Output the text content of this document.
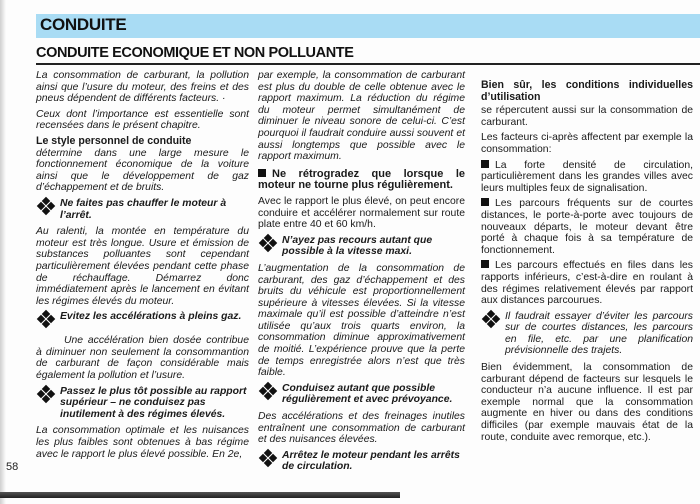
CONDUITE
CONDUITE ECONOMIQUE ET NON POLLUANTE

La consommation de carburant, la pollution ainsi que l’usure du moteur, des freins et des pneus dépendent de différents facteurs. ·

Ceux dont l’importance est essentielle sont recensées dans le présent chapitre.

Le style personnel de conduite

détermine dans une large mesure le fonctionnement économique de la voiture ainsi que le développement de gaz d’échappement et de bruits.

Ne faites pas chauffer le moteur à l’arrêt.

Au ralenti, la montée en température du moteur est très longue. Usure et émission de substances polluantes sont cependant particulièrement élevées pendant cette phase de réchauffage. Démarrez donc immédiatement après le lancement en évitant les régimes élevés du moteur.

Evitez les accélérations à pleins gaz.

Une accélération bien dosée contribue à diminuer non seulement la consommantion de carburant de façon considérable mais également la pollution et l’usure.

Passez le plus tôt possible au rapport supérieur – ne conduisez pas inutilement à des régimes élevés.

La consommation optimale et les nuisances les plus faibles sont obtenues à bas régime avec le rapport le plus élevé possible. En 2e,

par exemple, la consommation de carburant est plus du double de celle obtenue avec le rapport maximum. La réduction du régime du moteur permet simultanément de diminuer le niveau sonore de celui-ci. C’est pourquoi il faudrait conduire aussi souvent et aussi longtemps que possible avec le rapport maximum.

Ne rétrogradez que lorsque le moteur ne tourne plus régulièrement.

Avec le rapport le plus élevé, on peut encore conduire et accélérer normalement sur route plate entre 40 et 60 km/h.

N’ayez pas recours autant que possible à la vitesse maxi.

L’augmentation de la consommation de carburant, des gaz d’échappement et des bruits du véhicule est proportionnellement supérieure à vitesses élevées. Si la vitesse maximale qu’il est possible d’atteindre n’est utilisée qu’aux trois quarts environ, la consommation diminue approximativement de moitié. L’expérience prouve que la perte de temps enregistrée alors n’est que très faible.

Conduisez autant que possible régulièrement et avec prévoyance.

Des accélérations et des freinages inutiles entraînent une consommation de carburant et des nuisances élevées.

Arrêtez le moteur pendant les arrêts de circulation.

Bien sûr, les conditions individuelles d’utilisation

se répercutent aussi sur la consommation de carburant.

Les facteurs ci-après affectent par exemple la consommation:

La forte densité de circulation, particulièrement dans les grandes villes avec leurs multiples feux de signalisation.

Les parcours fréquents sur de courtes distances, le porte-à-porte avec toujours de nouveaux départs, le moteur devant être porté à chaque fois à sa température de fonctionnement.

Les parcours effectués en files dans les rapports inférieurs, c’est-à-dire en roulant à des régimes relativement élevés par rapport aux distances parcourues.

Il faudrait essayer d’éviter les parcours sur de courtes distances, les parcours en file, etc. par une planification prévisionnelle des trajets.

Bien évidemment, la consommation de carburant dépend de facteurs sur lesquels le conducteur n’a aucune influence. Il est par exemple normal que la consommation augmente en hiver ou dans des conditions difficiles (par exemple mauvais état de la route, conduite avec remorque, etc.).

58
